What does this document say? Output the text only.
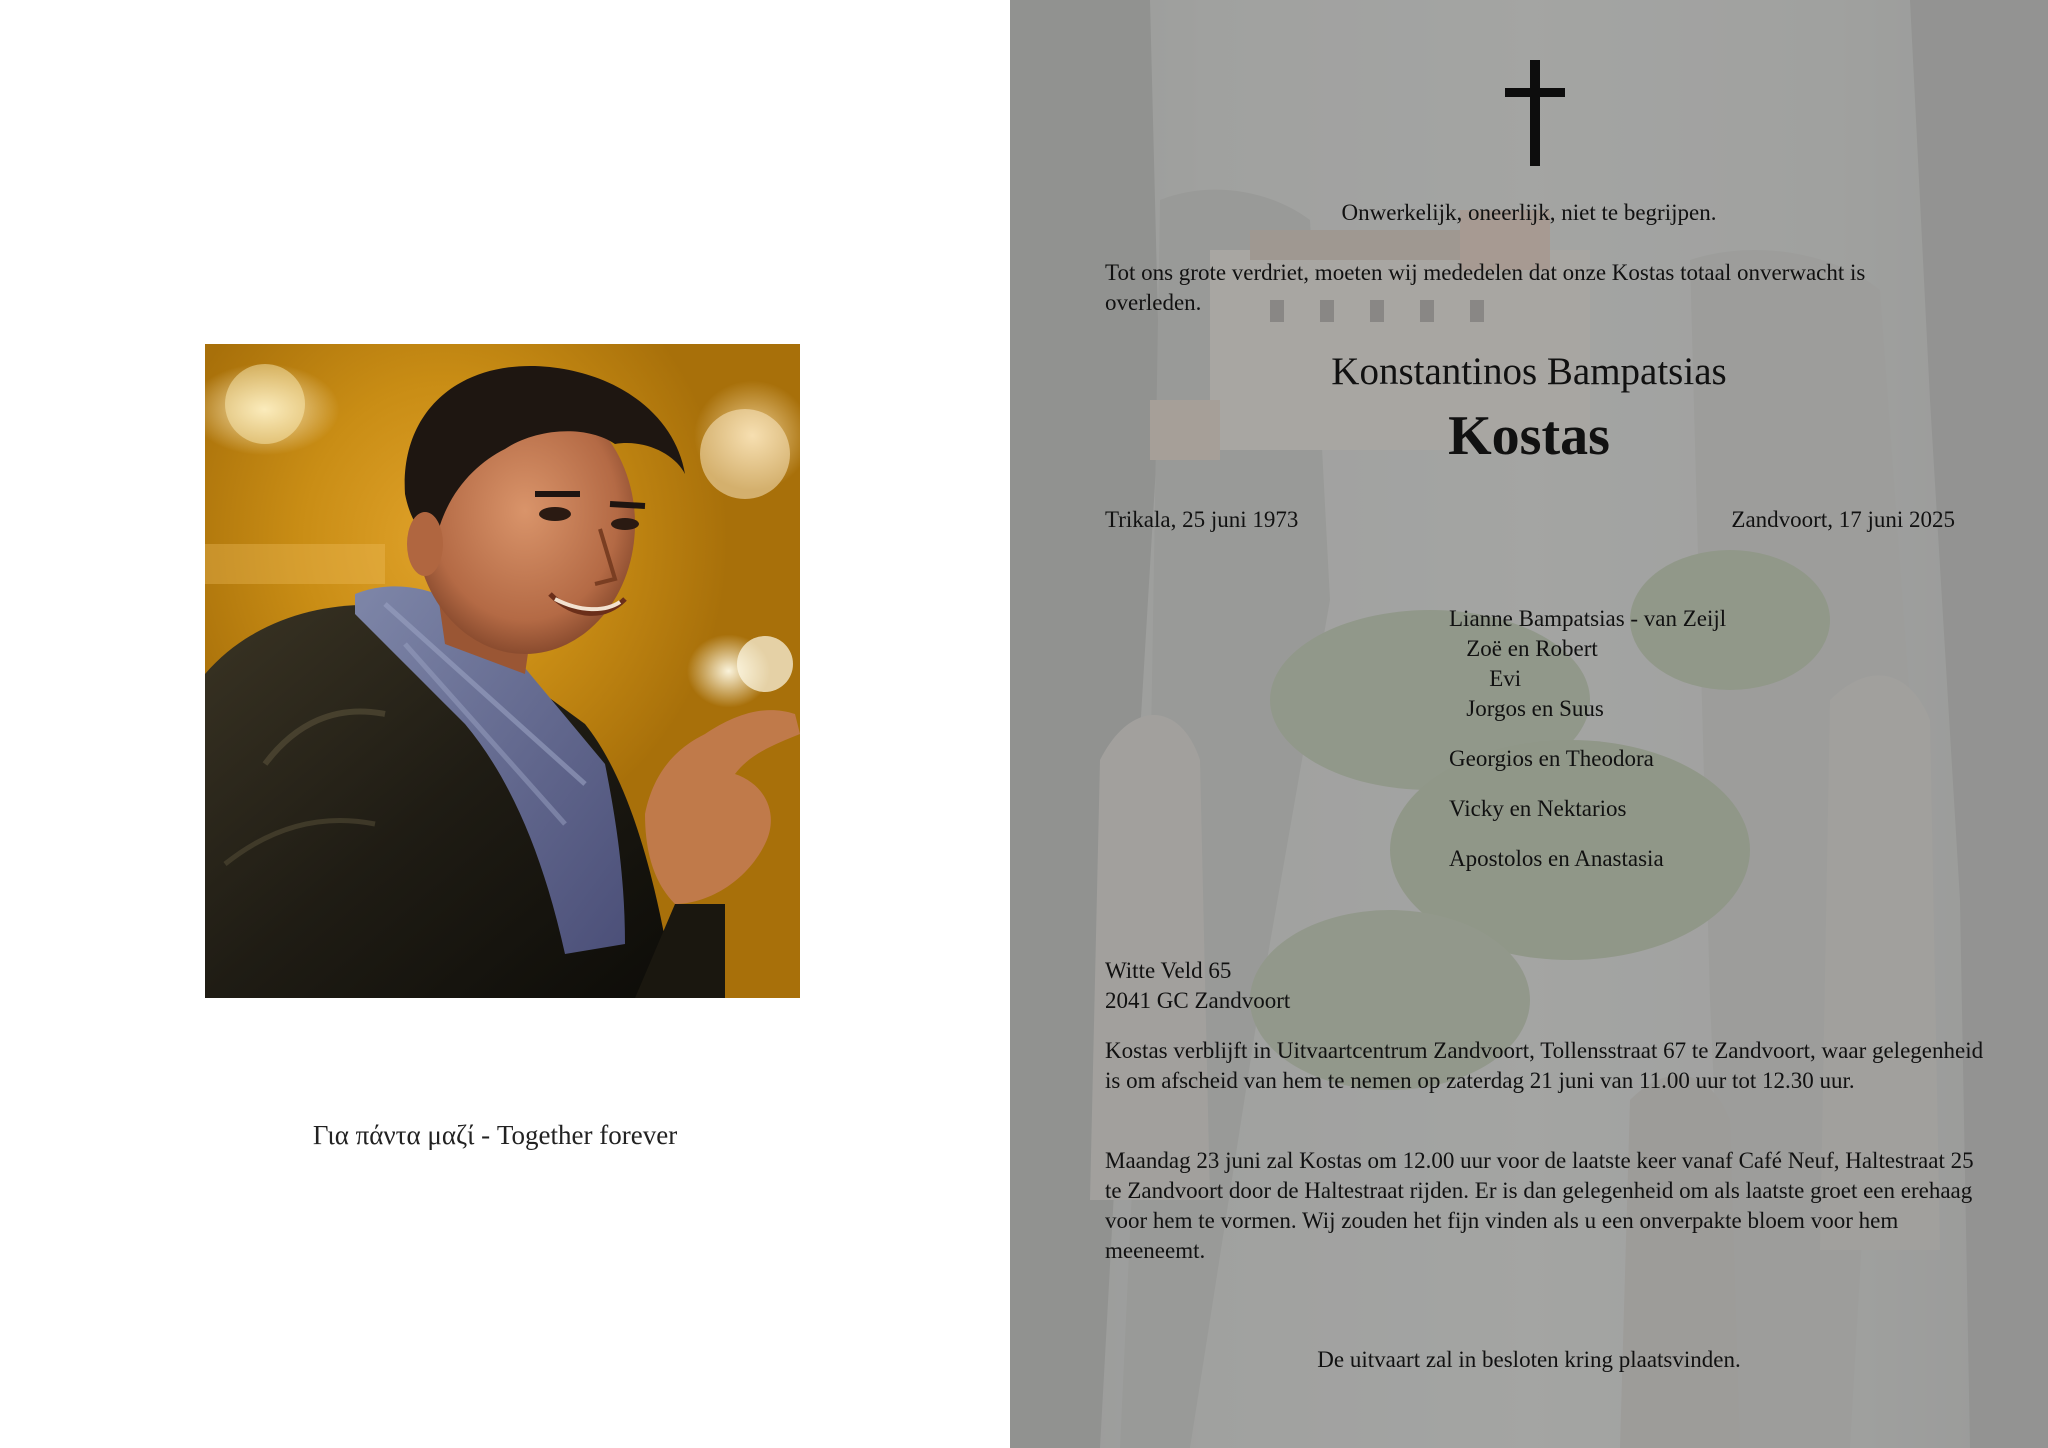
Για πάντα μαζί - Together forever
Onwerkelijk, oneerlijk, niet te begrijpen.
Tot ons grote verdriet, moeten wij mededelen dat onze Kostas totaal onverwacht is overleden.
Konstantinos Bampatsias
Kostas
Trikala, 25 juni 1973	Zandvoort, 17 juni 2025
Lianne Bampatsias - van Zeijl
Zoë en Robert
Evi
Jorgos en Suus
Georgios en Theodora
Vicky en Nektarios
Apostolos en Anastasia
Witte Veld 65
2041 GC Zandvoort
Kostas verblijft in Uitvaartcentrum Zandvoort, Tollensstraat 67 te Zandvoort, waar gelegenheid is om afscheid van hem te nemen op zaterdag 21 juni van 11.00 uur tot 12.30 uur.
Maandag 23 juni zal Kostas om 12.00 uur voor de laatste keer vanaf Café Neuf, Haltestraat 25 te Zandvoort door de Haltestraat rijden. Er is dan gelegenheid om als laatste groet een erehaag voor hem te vormen. Wij zouden het fijn vinden als u een onverpakte bloem voor hem meeneemt.
De uitvaart zal in besloten kring plaatsvinden.
